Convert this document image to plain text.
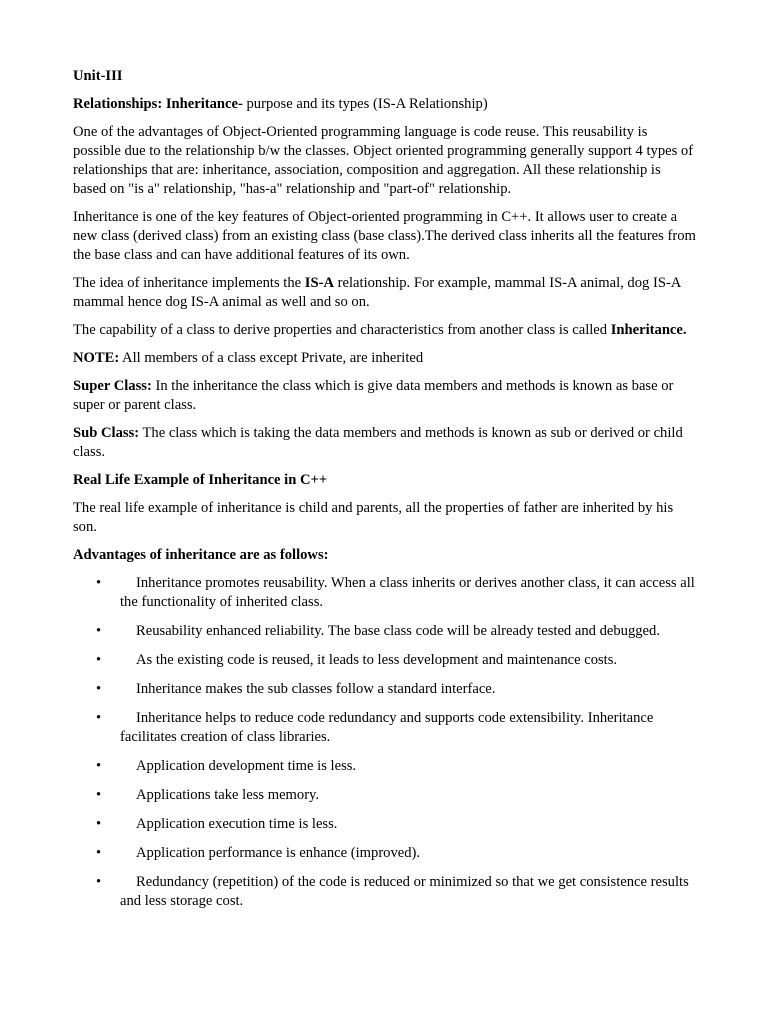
Unit-III

Relationships: Inheritance- purpose and its types (IS-A Relationship)

One of the advantages of Object-Oriented programming language is code reuse. This reusability is possible due to the relationship b/w the classes. Object oriented programming generally support 4 types of relationships that are: inheritance, association, composition and aggregation. All these relationship is based on "is a" relationship, "has-a" relationship and "part-of" relationship.

Inheritance is one of the key features of Object-oriented programming in C++. It allows user to create a new class (derived class) from an existing class (base class).The derived class inherits all the features from the base class and can have additional features of its own.

The idea of inheritance implements the IS-A relationship. For example, mammal IS-A animal, dog IS-A mammal hence dog IS-A animal as well and so on.

The capability of a class to derive properties and characteristics from another class is called Inheritance.

NOTE: All members of a class except Private, are inherited

Super Class: In the inheritance the class which is give data members and methods is known as base or super or parent class.

Sub Class: The class which is taking the data members and methods is known as sub or derived or child class.

Real Life Example of Inheritance in C++

The real life example of inheritance is child and parents, all the properties of father are inherited by his son.

Advantages of inheritance are as follows:

• Inheritance promotes reusability. When a class inherits or derives another class, it can access all the functionality of inherited class.
• Reusability enhanced reliability. The base class code will be already tested and debugged.
• As the existing code is reused, it leads to less development and maintenance costs.
• Inheritance makes the sub classes follow a standard interface.
• Inheritance helps to reduce code redundancy and supports code extensibility. Inheritance facilitates creation of class libraries.
• Application development time is less.
• Applications take less memory.
• Application execution time is less.
• Application performance is enhance (improved).
• Redundancy (repetition) of the code is reduced or minimized so that we get consistence results and less storage cost.
